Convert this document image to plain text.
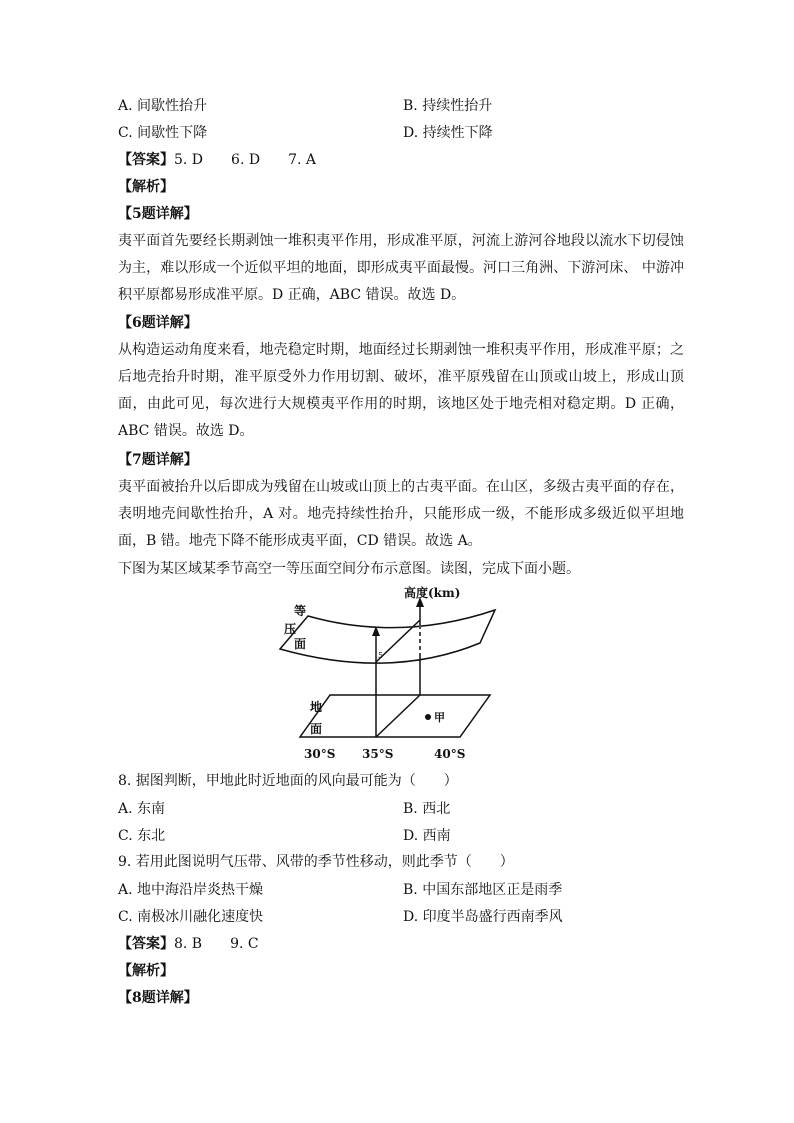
A. 间歇性抬升	B. 持续性抬升
C. 间歇性下降	D. 持续性下降
【答案】5. D　　6. D　　7. A
【解析】
【5题详解】
夷平面首先要经长期剥蚀一堆积夷平作用，形成准平原，河流上游河谷地段以流水下切侵蚀为主，难以形成一个近似平坦的地面，即形成夷平面最慢。河口三角洲、下游河床、 中游冲积平原都易形成准平原。D 正确，ABC 错误。故选 D。
【6题详解】
从构造运动角度来看，地壳稳定时期，地面经过长期剥蚀一堆积夷平作用，形成准平原；之后地壳抬升时期，准平原受外力作用切割、破坏，准平原残留在山顶或山坡上，形成山顶面，由此可见，每次进行大规模夷平作用的时期，该地区处于地壳相对稳定期。D 正确，ABC 错误。故选 D。
【7题详解】
夷平面被抬升以后即成为残留在山坡或山顶上的古夷平面。在山区，多级古夷平面的存在，表明地壳间歇性抬升，A 对。地壳持续性抬升，只能形成一级，不能形成多级近似平坦地面，B 错。地壳下降不能形成夷平面，CD 错误。故选 A。
下图为某区域某季节高空一等压面空间分布示意图。读图，完成下面小题。
高度(km)
等
压
面
地
面
5
甲
30°S 35°S	40°S
8. 据图判断，甲地此时近地面的风向最可能为（　　）
A. 东南	B. 西北
C. 东北	D. 西南
9. 若用此图说明气压带、风带的季节性移动，则此季节（　　）
A. 地中海沿岸炎热干燥	B. 中国东部地区正是雨季
C. 南极冰川融化速度快	D. 印度半岛盛行西南季风
【答案】8. B　　9. C
【解析】
【8题详解】
